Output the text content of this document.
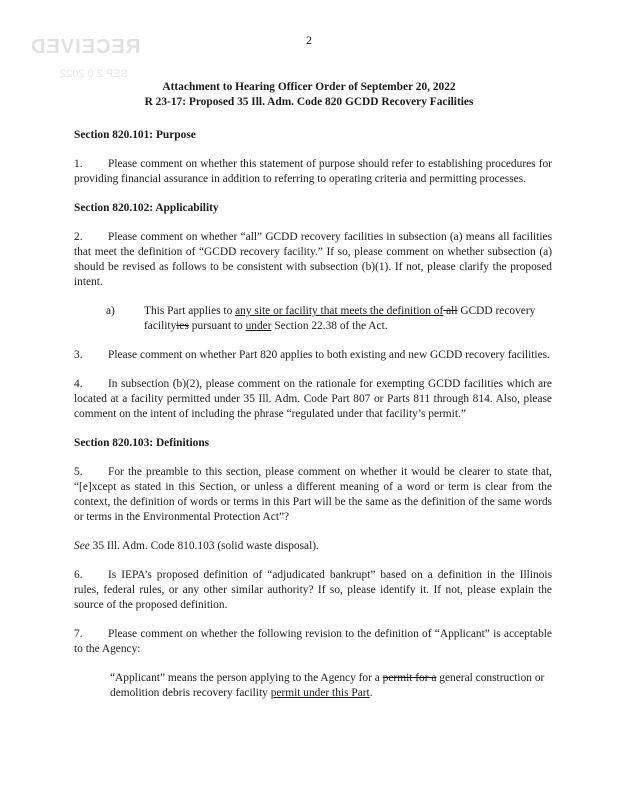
RECEIVED
SEP 2 0 2022
2
Attachment to Hearing Officer Order of September 20, 2022
R 23-17: Proposed 35 Ill. Adm. Code 820 GCDD Recovery Facilities
Section 820.101: Purpose
1. Please comment on whether this statement of purpose should refer to establishing procedures for providing financial assurance in addition to referring to operating criteria and permitting processes.
Section 820.102: Applicability
2. Please comment on whether “all” GCDD recovery facilities in subsection (a) means all facilities that meet the definition of “GCDD recovery facility.” If so, please comment on whether subsection (a) should be revised as follows to be consistent with subsection (b)(1). If not, please clarify the proposed intent.
a)	This Part applies to any site or facility that meets the definition of all GCDD recovery facilityies pursuant to under Section 22.38 of the Act.
3. Please comment on whether Part 820 applies to both existing and new GCDD recovery facilities.
4. In subsection (b)(2), please comment on the rationale for exempting GCDD facilities which are located at a facility permitted under 35 Ill. Adm. Code Part 807 or Parts 811 through 814. Also, please comment on the intent of including the phrase “regulated under that facility’s permit.”
Section 820.103: Definitions
5. For the preamble to this section, please comment on whether it would be clearer to state that, “[e]xcept as stated in this Section, or unless a different meaning of a word or term is clear from the context, the definition of words or terms in this Part will be the same as the definition of the same words or terms in the Environmental Protection Act”?
See 35 Ill. Adm. Code 810.103 (solid waste disposal).
6. Is IEPA’s proposed definition of “adjudicated bankrupt” based on a definition in the Illinois rules, federal rules, or any other similar authority? If so, please identify it. If not, please explain the source of the proposed definition.
7. Please comment on whether the following revision to the definition of “Applicant” is acceptable to the Agency:
“Applicant” means the person applying to the Agency for a permit for a general construction or demolition debris recovery facility permit under this Part.
